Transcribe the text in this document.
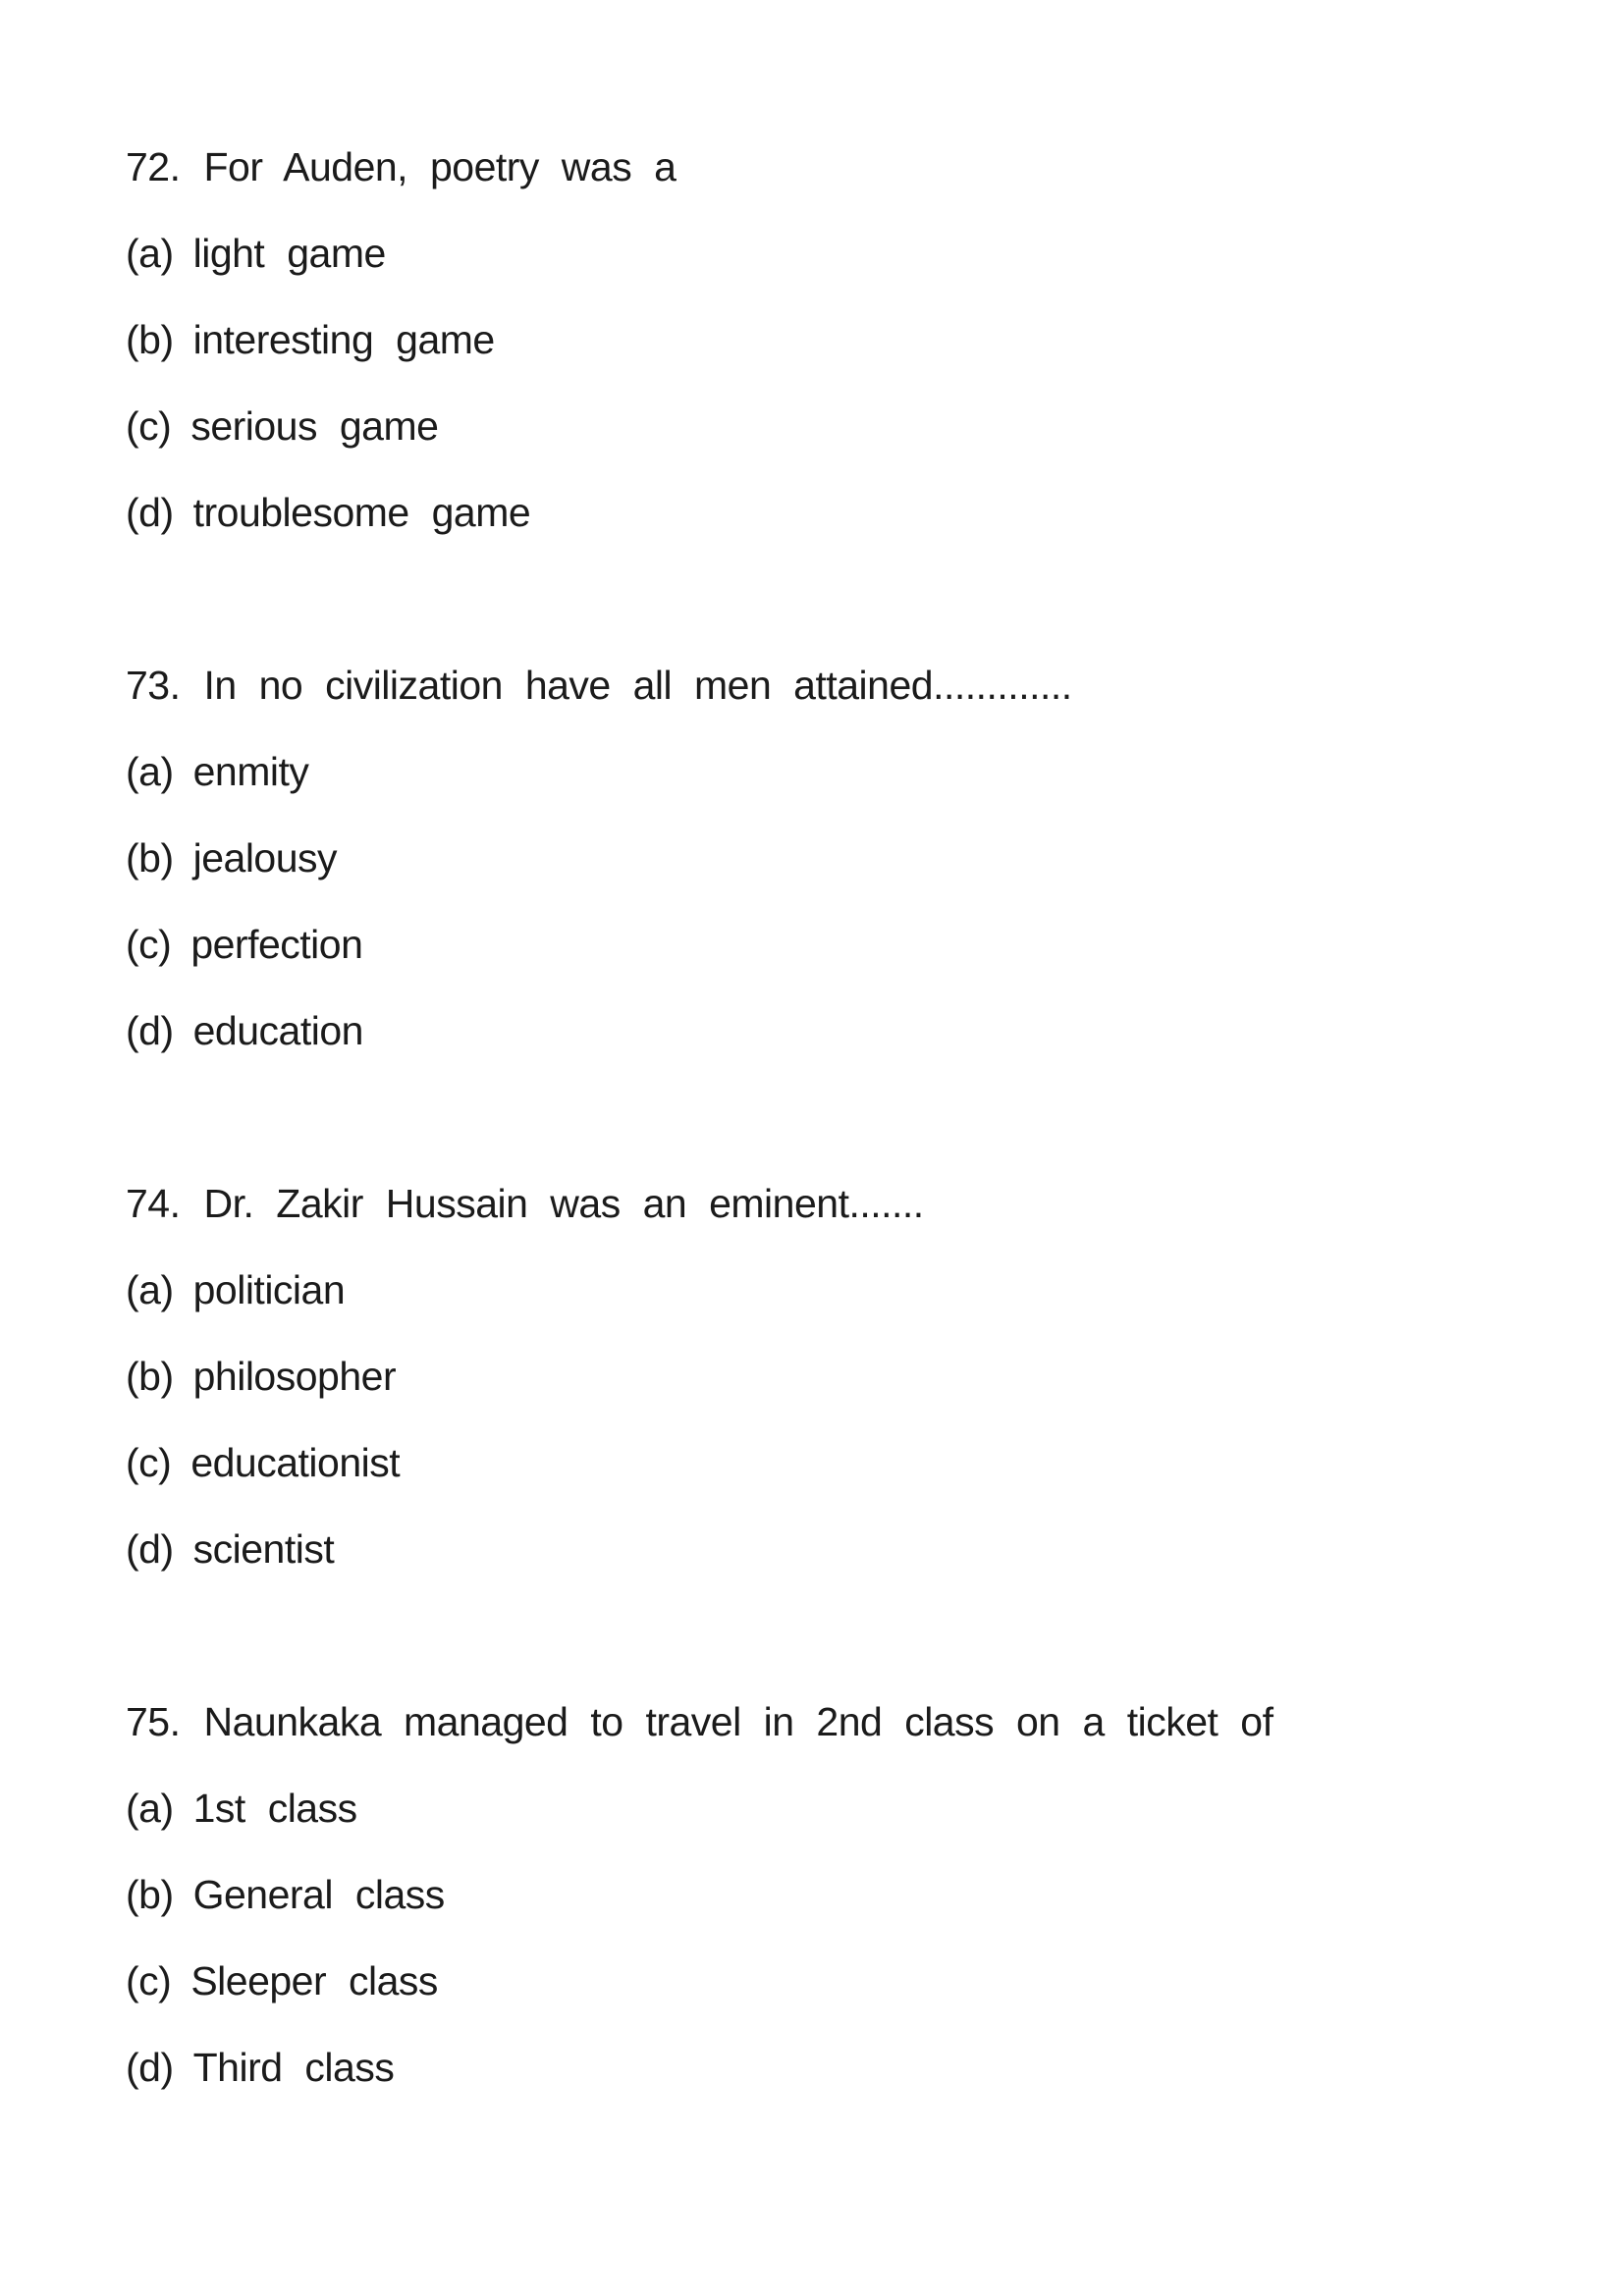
72. For Auden, poetry was a
(a) light game
(b) interesting game
(c) serious game
(d) troublesome game
73. In no civilization have all men attained.............
(a) enmity
(b) jealousy
(c) perfection
(d) education
74. Dr. Zakir Hussain was an eminent.......
(a) politician
(b) philosopher
(c) educationist
(d) scientist
75. Naunkaka managed to travel in 2nd class on a ticket of
(a) 1st class
(b) General class
(c) Sleeper class
(d) Third class
